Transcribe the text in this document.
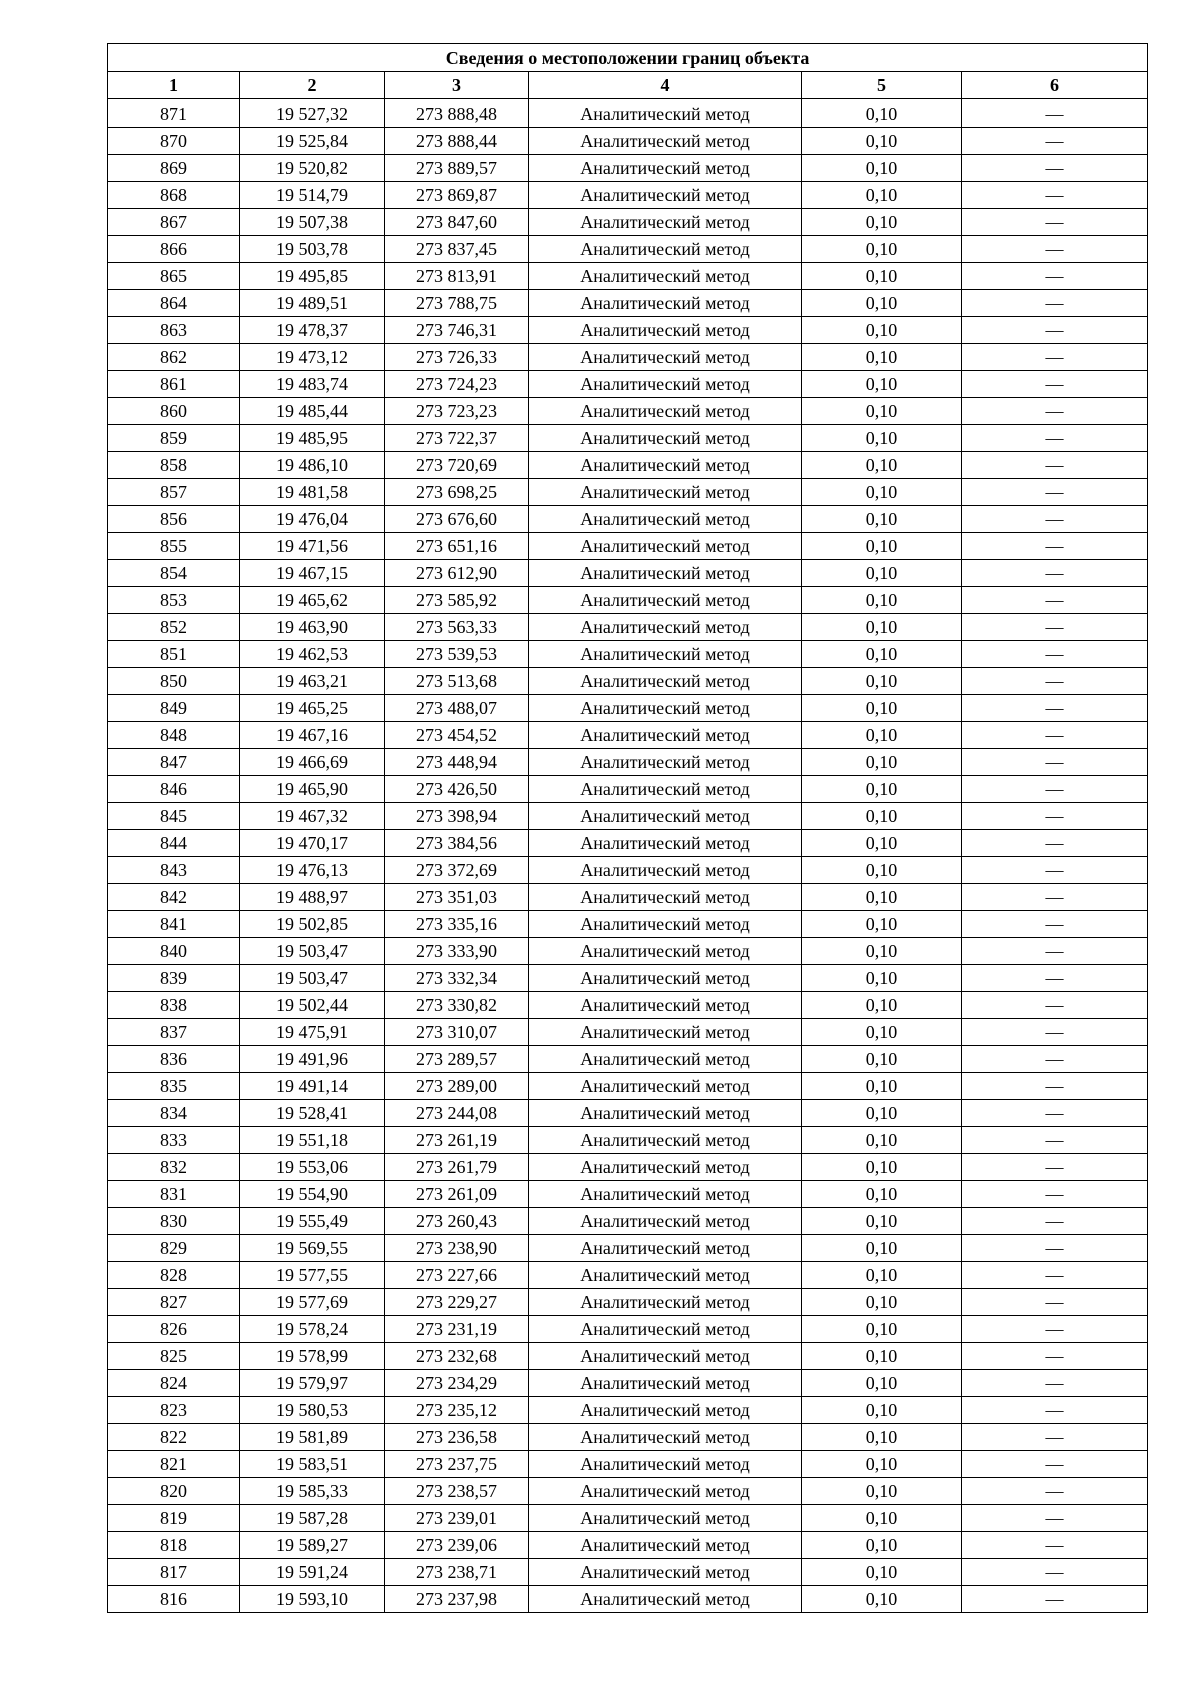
Сведения о местоположении границ объекта					
1	2	3	4	5	6
871	19 527,32	273 888,48	Аналитический метод	0,10	—
870	19 525,84	273 888,44	Аналитический метод	0,10	—
869	19 520,82	273 889,57	Аналитический метод	0,10	—
868	19 514,79	273 869,87	Аналитический метод	0,10	—
867	19 507,38	273 847,60	Аналитический метод	0,10	—
866	19 503,78	273 837,45	Аналитический метод	0,10	—
865	19 495,85	273 813,91	Аналитический метод	0,10	—
864	19 489,51	273 788,75	Аналитический метод	0,10	—
863	19 478,37	273 746,31	Аналитический метод	0,10	—
862	19 473,12	273 726,33	Аналитический метод	0,10	—
861	19 483,74	273 724,23	Аналитический метод	0,10	—
860	19 485,44	273 723,23	Аналитический метод	0,10	—
859	19 485,95	273 722,37	Аналитический метод	0,10	—
858	19 486,10	273 720,69	Аналитический метод	0,10	—
857	19 481,58	273 698,25	Аналитический метод	0,10	—
856	19 476,04	273 676,60	Аналитический метод	0,10	—
855	19 471,56	273 651,16	Аналитический метод	0,10	—
854	19 467,15	273 612,90	Аналитический метод	0,10	—
853	19 465,62	273 585,92	Аналитический метод	0,10	—
852	19 463,90	273 563,33	Аналитический метод	0,10	—
851	19 462,53	273 539,53	Аналитический метод	0,10	—
850	19 463,21	273 513,68	Аналитический метод	0,10	—
849	19 465,25	273 488,07	Аналитический метод	0,10	—
848	19 467,16	273 454,52	Аналитический метод	0,10	—
847	19 466,69	273 448,94	Аналитический метод	0,10	—
846	19 465,90	273 426,50	Аналитический метод	0,10	—
845	19 467,32	273 398,94	Аналитический метод	0,10	—
844	19 470,17	273 384,56	Аналитический метод	0,10	—
843	19 476,13	273 372,69	Аналитический метод	0,10	—
842	19 488,97	273 351,03	Аналитический метод	0,10	—
841	19 502,85	273 335,16	Аналитический метод	0,10	—
840	19 503,47	273 333,90	Аналитический метод	0,10	—
839	19 503,47	273 332,34	Аналитический метод	0,10	—
838	19 502,44	273 330,82	Аналитический метод	0,10	—
837	19 475,91	273 310,07	Аналитический метод	0,10	—
836	19 491,96	273 289,57	Аналитический метод	0,10	—
835	19 491,14	273 289,00	Аналитический метод	0,10	—
834	19 528,41	273 244,08	Аналитический метод	0,10	—
833	19 551,18	273 261,19	Аналитический метод	0,10	—
832	19 553,06	273 261,79	Аналитический метод	0,10	—
831	19 554,90	273 261,09	Аналитический метод	0,10	—
830	19 555,49	273 260,43	Аналитический метод	0,10	—
829	19 569,55	273 238,90	Аналитический метод	0,10	—
828	19 577,55	273 227,66	Аналитический метод	0,10	—
827	19 577,69	273 229,27	Аналитический метод	0,10	—
826	19 578,24	273 231,19	Аналитический метод	0,10	—
825	19 578,99	273 232,68	Аналитический метод	0,10	—
824	19 579,97	273 234,29	Аналитический метод	0,10	—
823	19 580,53	273 235,12	Аналитический метод	0,10	—
822	19 581,89	273 236,58	Аналитический метод	0,10	—
821	19 583,51	273 237,75	Аналитический метод	0,10	—
820	19 585,33	273 238,57	Аналитический метод	0,10	—
819	19 587,28	273 239,01	Аналитический метод	0,10	—
818	19 589,27	273 239,06	Аналитический метод	0,10	—
817	19 591,24	273 238,71	Аналитический метод	0,10	—
816	19 593,10	273 237,98	Аналитический метод	0,10	—
